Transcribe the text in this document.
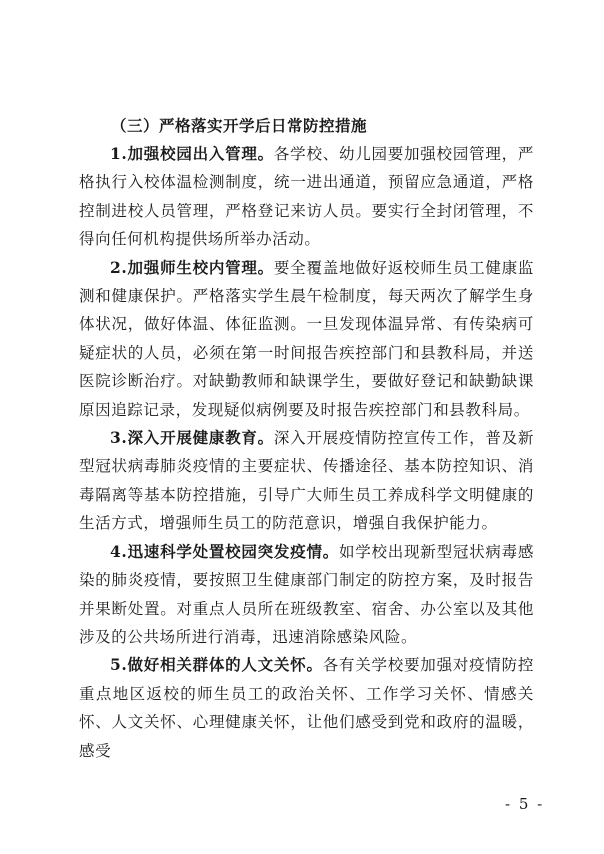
（三）严格落实开学后日常防控措施

1.加强校园出入管理。各学校、幼儿园要加强校园管理，严格执行入校体温检测制度，统一进出通道，预留应急通道，严格控制进校人员管理，严格登记来访人员。要实行全封闭管理，不得向任何机构提供场所举办活动。

2.加强师生校内管理。要全覆盖地做好返校师生员工健康监测和健康保护。严格落实学生晨午检制度，每天两次了解学生身体状况，做好体温、体征监测。一旦发现体温异常、有传染病可疑症状的人员，必须在第一时间报告疾控部门和县教科局，并送医院诊断治疗。对缺勤教师和缺课学生，要做好登记和缺勤缺课原因追踪记录，发现疑似病例要及时报告疾控部门和县教科局。

3.深入开展健康教育。深入开展疫情防控宣传工作，普及新型冠状病毒肺炎疫情的主要症状、传播途径、基本防控知识、消毒隔离等基本防控措施，引导广大师生员工养成科学文明健康的生活方式，增强师生员工的防范意识，增强自我保护能力。

4.迅速科学处置校园突发疫情。如学校出现新型冠状病毒感染的肺炎疫情，要按照卫生健康部门制定的防控方案，及时报告并果断处置。对重点人员所在班级教室、宿舍、办公室以及其他涉及的公共场所进行消毒，迅速消除感染风险。

5.做好相关群体的人文关怀。各有关学校要加强对疫情防控重点地区返校的师生员工的政治关怀、工作学习关怀、情感关怀、人文关怀、心理健康关怀，让他们感受到党和政府的温暖，感受

- 5 -
